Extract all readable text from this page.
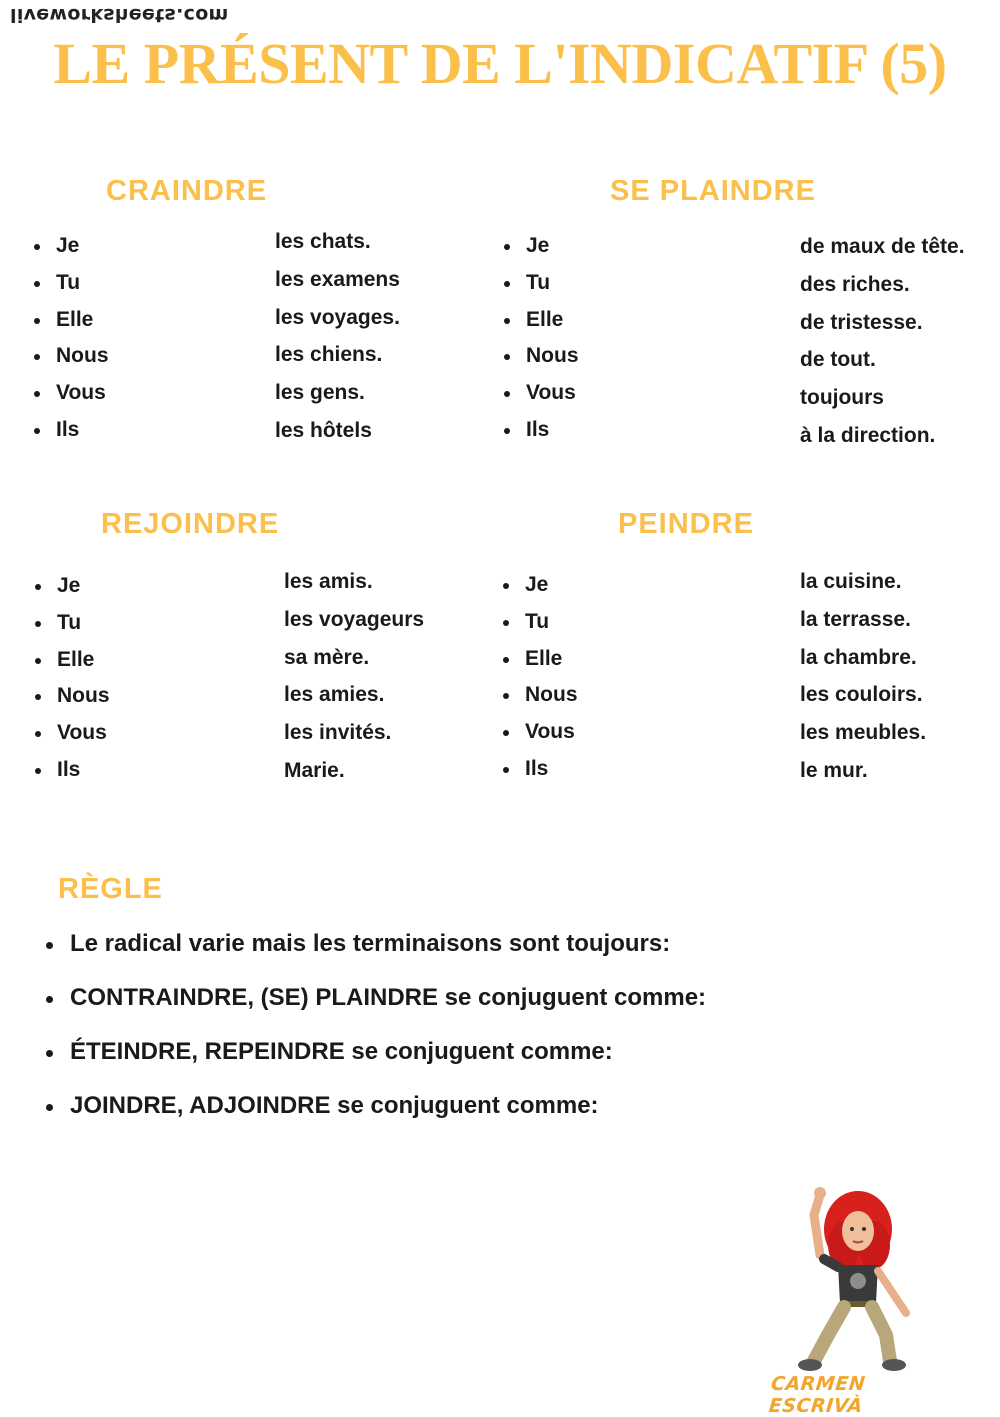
liveworksheets.com
LE PRÉSENT DE L'INDICATIF (5)
CRAINDRE
Je
Tu
Elle
Nous
Vous
Ils
les chats.
les examens
les voyages.
les chiens.
les gens.
les hôtels
SE PLAINDRE
Je
Tu
Elle
Nous
Vous
Ils
de maux de tête.
des riches.
de tristesse.
de tout.
toujours
à la direction.
REJOINDRE
Je
Tu
Elle
Nous
Vous
Ils
les amis.
les voyageurs
sa mère.
les amies.
les invités.
Marie.
PEINDRE
Je
Tu
Elle
Nous
Vous
Ils
la cuisine.
la terrasse.
la chambre.
les couloirs.
les meubles.
le mur.
RÈGLE
Le radical varie mais les terminaisons sont toujours:
CONTRAINDRE, (SE) PLAINDRE se conjuguent comme:
ÉTEINDRE, REPEINDRE se conjuguent comme:
JOINDRE, ADJOINDRE se conjuguent comme:
CARMEN ESCRIVÀ
